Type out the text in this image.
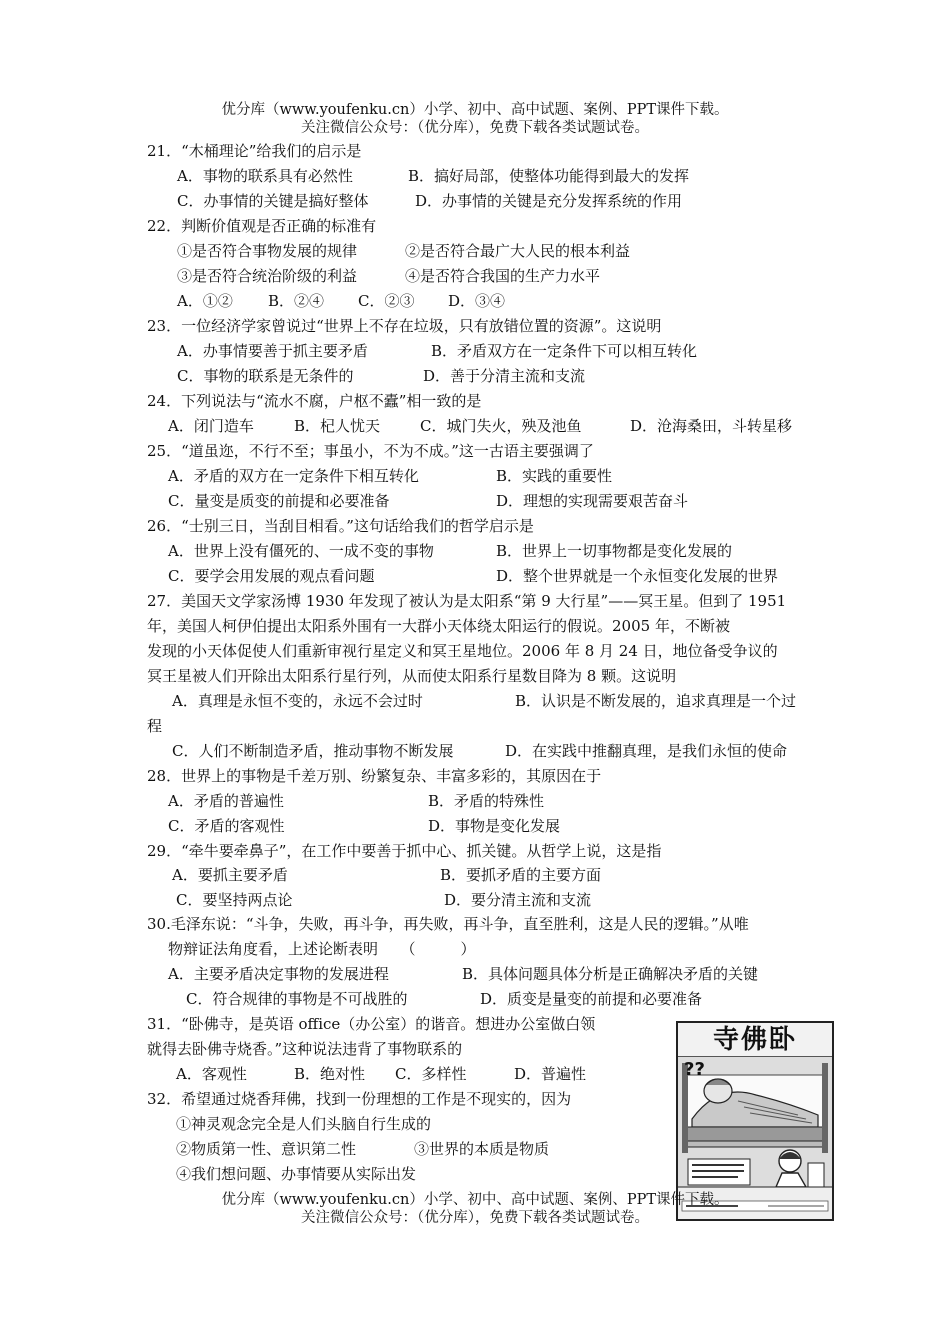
优分库（www.youfenku.cn）小学、初中、高中试题、案例、PPT课件下载。
关注微信公众号：（优分库），免费下载各类试题试卷。
21．“木桶理论”给我们的启示是
A．事物的联系具有必然性	B．搞好局部，使整体功能得到最大的发挥
C．办事情的关键是搞好整体	D．办事情的关键是充分发挥系统的作用
22．判断价值观是否正确的标准有
①是否符合事物发展的规律	②是否符合最广大人民的根本利益
③是否符合统治阶级的利益	④是否符合我国的生产力水平
A．①② B．②④ C．②③ D．③④
23．一位经济学家曾说过“世界上不存在垃圾，只有放错位置的资源”。这说明
A．办事情要善于抓主要矛盾	B．矛盾双方在一定条件下可以相互转化
C．事物的联系是无条件的	D．善于分清主流和支流
24．下列说法与“流水不腐，户枢不蠹”相一致的是
A．闭门造车	B．杞人忧天	C．城门失火，殃及池鱼	D．沧海桑田，斗转星移
25．“道虽迩，不行不至；事虽小，不为不成。”这一古语主要强调了
A．矛盾的双方在一定条件下相互转化	B．实践的重要性
C．量变是质变的前提和必要准备	D．理想的实现需要艰苦奋斗
26．“士别三日，当刮目相看。”这句话给我们的哲学启示是
A．世界上没有僵死的、一成不变的事物	B．世界上一切事物都是变化发展的
C．要学会用发展的观点看问题	D．整个世界就是一个永恒变化发展的世界
27．美国天文学家汤博 1930 年发现了被认为是太阳系“第 9 大行星”——冥王星。但到了 1951
年，美国人柯伊伯提出太阳系外围有一大群小天体绕太阳运行的假说。2005 年，不断被
发现的小天体促使人们重新审视行星定义和冥王星地位。2006 年 8 月 24 日，地位备受争议的
冥王星被人们开除出太阳系行星行列，从而使太阳系行星数目降为 8 颗。这说明
A．真理是永恒不变的，永远不会过时	B．认识是不断发展的，追求真理是一个过
程
C．人们不断制造矛盾，推动事物不断发展	D．在实践中推翻真理，是我们永恒的使命
28．世界上的事物是千差万别、纷繁复杂、丰富多彩的，其原因在于
A．矛盾的普遍性	B．矛盾的特殊性
C．矛盾的客观性	D．事物是变化发展
29．“牵牛要牵鼻子”，在工作中要善于抓中心、抓关键。从哲学上说，这是指
A．要抓主要矛盾	B．要抓矛盾的主要方面
C．要坚持两点论	D．要分清主流和支流
30.毛泽东说：“斗争，失败，再斗争，再失败，再斗争，直至胜利，这是人民的逻辑。”从唯
物辩证法角度看，上述论断表明　　（　　　）
A．主要矛盾决定事物的发展进程	B．具体问题具体分析是正确解决矛盾的关键
C．符合规律的事物是不可战胜的	D．质变是量变的前提和必要准备
31．“卧佛寺，是英语 office（办公室）的谐音。想进办公室做白领
就得去卧佛寺烧香。”这种说法违背了事物联系的
A．客观性	B．绝对性 C．多样性	D．普遍性
32．希望通过烧香拜佛，找到一份理想的工作是不现实的，因为
①神灵观念完全是人们头脑自行生成的
②物质第一性、意识第二性	③世界的本质是物质
④我们想问题、办事情要从实际出发
寺佛卧
??
优分库（www.youfenku.cn）小学、初中、高中试题、案例、PPT课件下载。
关注微信公众号：（优分库），免费下载各类试题试卷。
